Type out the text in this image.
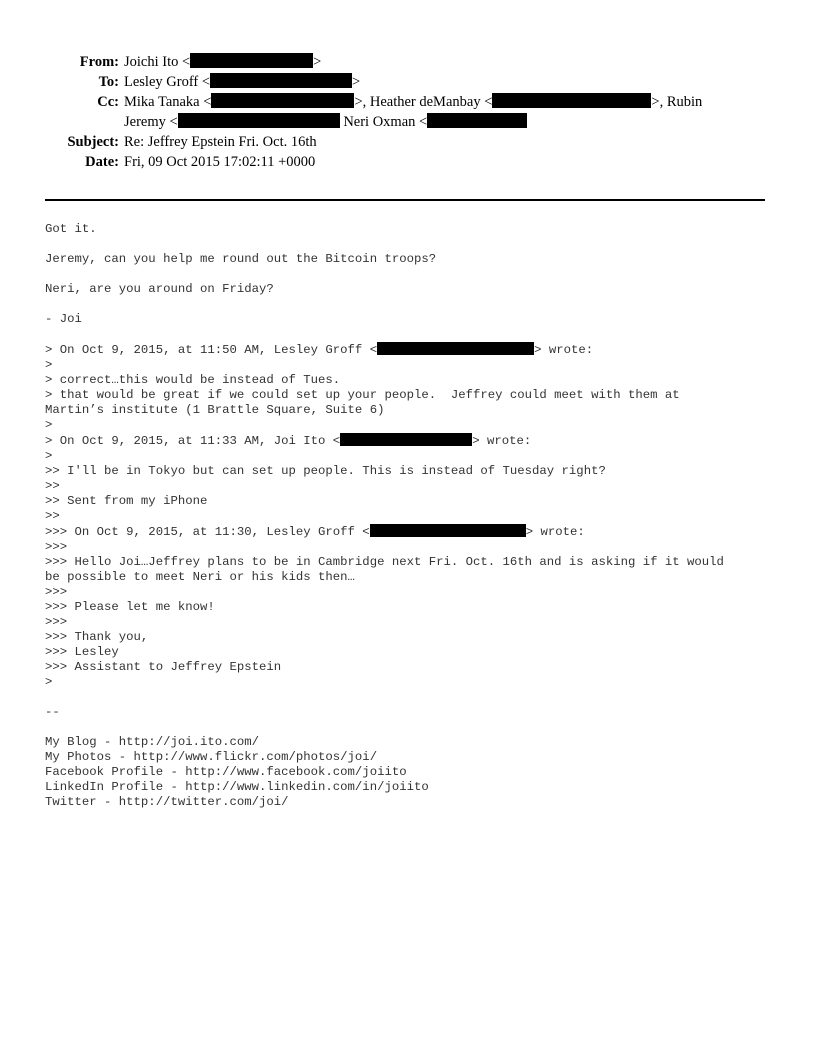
From: Joichi Ito <	>
To: Lesley Groff <	>
Cc: Mika Tanaka <	>, Heather deManbay <	>, Rubin
Jeremy <	Neri Oxman <
Subject: Re: Jeffrey Epstein Fri. Oct. 16th
Date: Fri, 09 Oct 2015 17:02:11 +0000
Got it.
Jeremy, can you help me round out the Bitcoin troops?
Neri, are you around on Friday?
- Joi
> On Oct 9, 2015, at 11:50 AM, Lesley Groff <	> wrote:
>
> correct…this would be instead of Tues.
> that would be great if we could set up your people.  Jeffrey could meet with them at
Martin’s institute (1 Brattle Square, Suite 6)
>
> On Oct 9, 2015, at 11:33 AM, Joi Ito <	> wrote:
>
>> I'll be in Tokyo but can set up people. This is instead of Tuesday right?
>>
>> Sent from my iPhone
>>
>>> On Oct 9, 2015, at 11:30, Lesley Groff <	> wrote:
>>>
>>> Hello Joi…Jeffrey plans to be in Cambridge next Fri. Oct. 16th and is asking if it would
be possible to meet Neri or his kids then…
>>>
>>> Please let me know!
>>>
>>> Thank you,
>>> Lesley
>>> Assistant to Jeffrey Epstein
>
--
My Blog - http://joi.ito.com/
My Photos - http://www.flickr.com/photos/joi/
Facebook Profile - http://www.facebook.com/joiito
LinkedIn Profile - http://www.linkedin.com/in/joiito
Twitter - http://twitter.com/joi/
